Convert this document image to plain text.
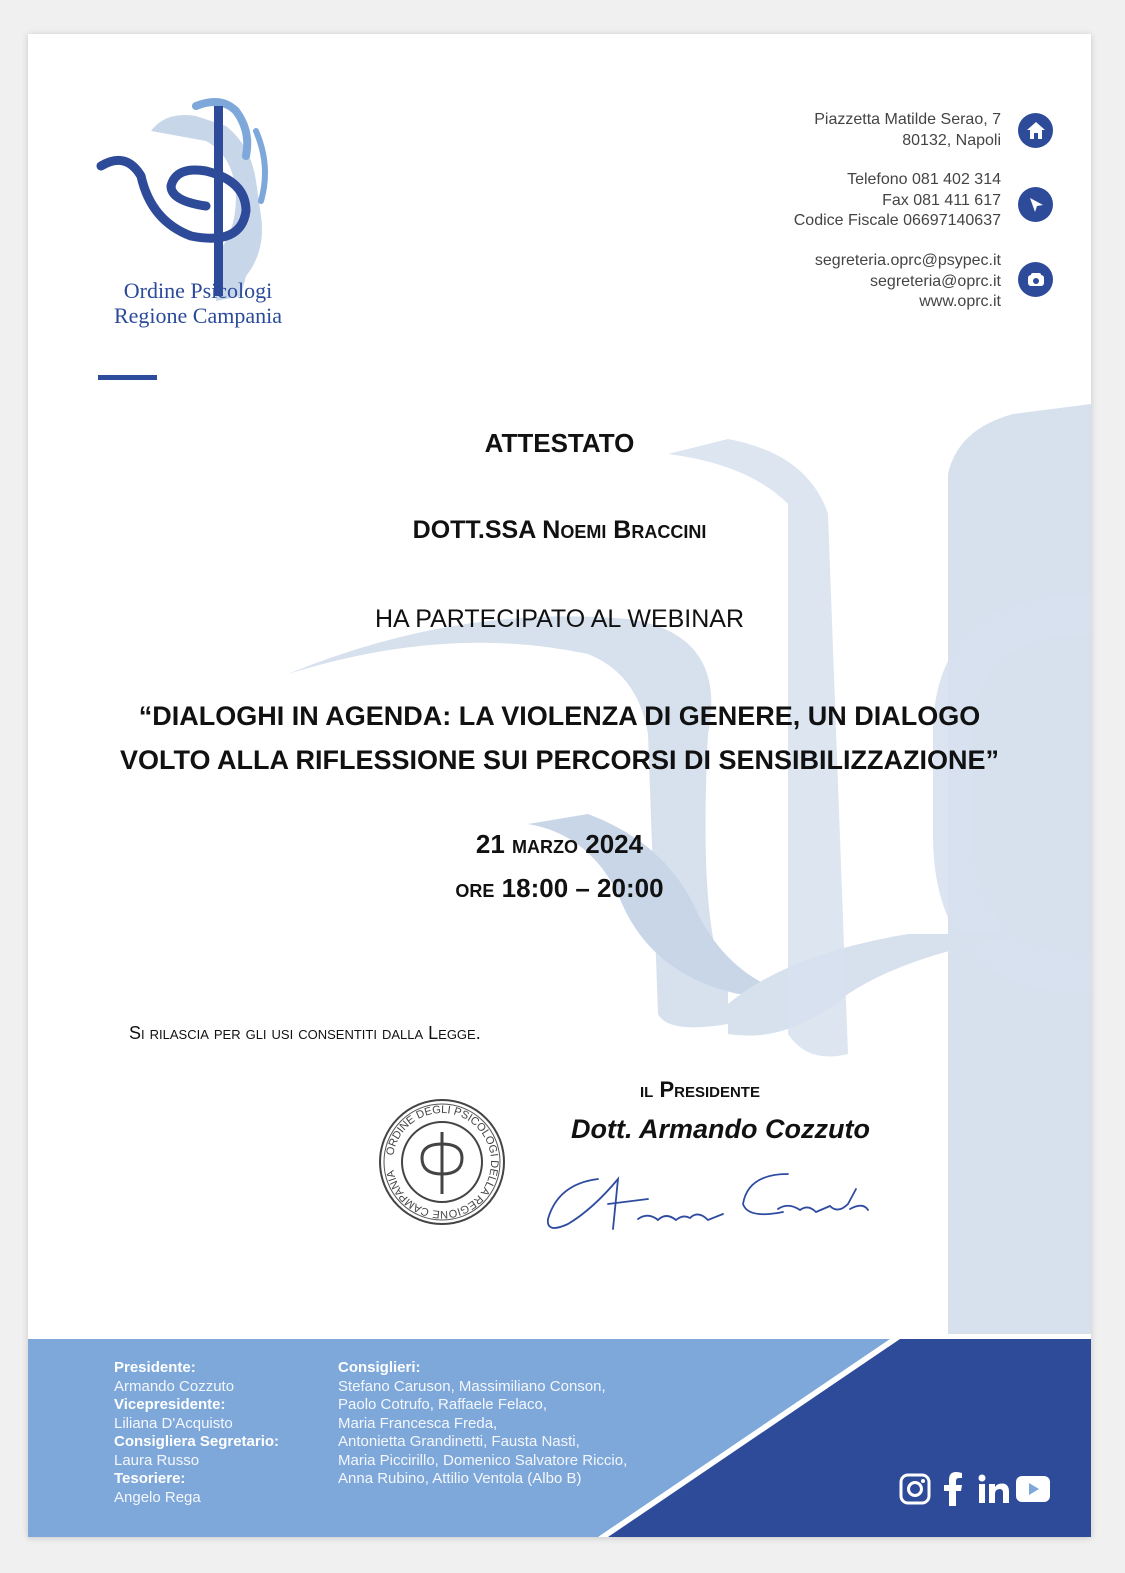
Ordine Psicologi
Regione Campania
Piazzetta Matilde Serao, 7
80132, Napoli
Telefono 081 402 314
Fax 081 411 617
Codice Fiscale 06697140637
segreteria.oprc@psypec.it
segreteria@oprc.it
www.oprc.it
ATTESTATO
DOTT.SSA Noemi Braccini
HA PARTECIPATO AL WEBINAR
“DIALOGHI IN AGENDA: LA VIOLENZA DI GENERE, UN DIALOGO
VOLTO ALLA RIFLESSIONE SUI PERCORSI DI SENSIBILIZZAZIONE”
21 marzo 2024
ore 18:00 – 20:00
Si rilascia per gli usi consentiti dalla Legge.
il Presidente
Dott. Armando Cozzuto
ORDINE DEGLI PSICOLOGI DELLA REGIONE CAMPANIA
Presidente:
Armando Cozzuto
Vicepresidente:
Liliana D'Acquisto
Consigliera Segretario:
Laura Russo
Tesoriere:
Angelo Rega
Consiglieri:
Stefano Caruson, Massimiliano Conson,
Paolo Cotrufo, Raffaele Felaco,
Maria Francesca Freda,
Antonietta Grandinetti, Fausta Nasti,
Maria Piccirillo, Domenico Salvatore Riccio,
Anna Rubino, Attilio Ventola (Albo B)
